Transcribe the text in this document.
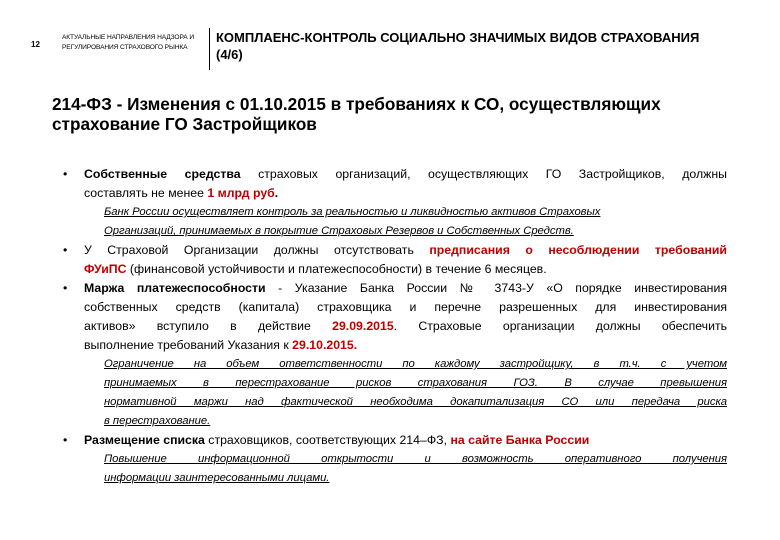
12
АКТУАЛЬНЫЕ НАПРАВЛЕНИЯ НАДЗОРА И
РЕГУЛИРОВАНИЯ СТРАХОВОГО РЫНКА
КОМПЛАЕНС-КОНТРОЛЬ СОЦИАЛЬНО ЗНАЧИМЫХ ВИДОВ СТРАХОВАНИЯ
(4/6)
214-ФЗ - Изменения с 01.10.2015 в требованиях к СО, осуществляющих
страхование ГО Застройщиков
• Собственные средства страховых организаций, осуществляющих ГО Застройщиков, должны
составлять не менее 1 млрд руб.
Банк России осуществляет контроль за реальностью и ликвидностью активов Страховых
Организаций, принимаемых в покрытие Страховых Резервов и Собственных Средств.
• У Страховой Организации должны отсутствовать предписания о несоблюдении требований
ФУиПС (финансовой устойчивости и платежеспособности) в течение 6 месяцев.
• Маржа платежеспособности - Указание Банка России № 3743-У «О порядке инвестирования
собственных средств (капитала) страховщика и перечне разрешенных для инвестирования
активов» вступило в действие 29.09.2015. Страховые организации должны обеспечить
выполнение требований Указания к 29.10.2015.
Ограничение на объем ответственности по каждому застройщику, в т.ч. с учетом
принимаемых в перестрахование рисков страхования ГОЗ. В случае превышения
нормативной маржи над фактической необходима докапитализация СО или передача риска
в перестрахование.
• Размещение списка страховщиков, соответствующих 214–ФЗ, на сайте Банка России
Повышение информационной открытости и возможность оперативного получения
информации заинтересованными лицами.
